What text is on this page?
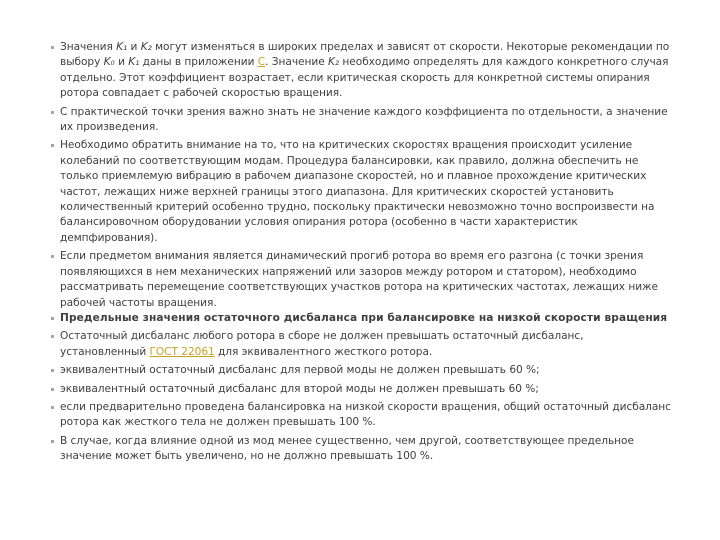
Значения K₁ и K₂ могут изменяться в широких пределах и зависят от скорости. Некоторые рекомендации по выбору K₀ и K₁ даны в приложении С. Значение K₂ необходимо определять для каждого конкретного случая отдельно. Этот коэффициент возрастает, если критическая скорость для конкретной системы опирания ротора совпадает с рабочей скоростью вращения.
С практической точки зрения важно знать не значение каждого коэффициента по отдельности, а значение их произведения.
Необходимо обратить внимание на то, что на критических скоростях вращения происходит усиление колебаний по соответствующим модам. Процедура балансировки, как правило, должна обеспечить не только приемлемую вибрацию в рабочем диапазоне скоростей, но и плавное прохождение критических частот, лежащих ниже верхней границы этого диапазона. Для критических скоростей установить количественный критерий особенно трудно, поскольку практически невозможно точно воспроизвести на балансировочном оборудовании условия опирания ротора (особенно в части характеристик демпфирования).
Если предметом внимания является динамический прогиб ротора во время его разгона (с точки зрения появляющихся в нем механических напряжений или зазоров между ротором и статором), необходимо рассматривать перемещение соответствующих участков ротора на критических частотах, лежащих ниже рабочей частоты вращения.
Предельные значения остаточного дисбаланса при балансировке на низкой скорости вращения
Остаточный дисбаланс любого ротора в сборе не должен превышать остаточный дисбаланс, установленный ГОСТ 22061 для эквивалентного жесткого ротора.
эквивалентный остаточный дисбаланс для первой моды не должен превышать 60 %;
эквивалентный остаточный дисбаланс для второй моды не должен превышать 60 %;
если предварительно проведена балансировка на низкой скорости вращения, общий остаточный дисбаланс ротора как жесткого тела не должен превышать 100 %.
В случае, когда влияние одной из мод менее существенно, чем другой, соответствующее предельное значение может быть увеличено, но не должно превышать 100 %.
